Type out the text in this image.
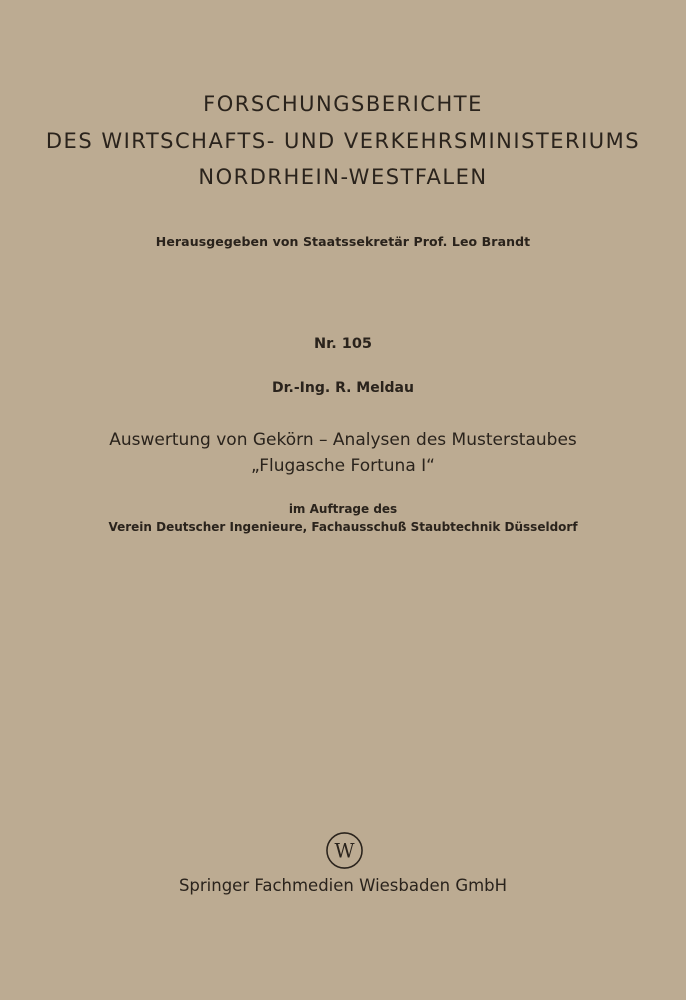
FORSCHUNGSBERICHTE
DES WIRTSCHAFTS- UND VERKEHRSMINISTERIUMS
NORDRHEIN-WESTFALEN
Herausgegeben von Staatssekretär Prof. Leo Brandt
Nr. 105
Dr.-Ing. R. Meldau
Auswertung von Gekörn – Analysen des Musterstaubes
„Flugasche Fortuna I“
im Auftrage des
Verein Deutscher Ingenieure, Fachausschuß Staubtechnik Düsseldorf
W
Springer Fachmedien Wiesbaden GmbH
